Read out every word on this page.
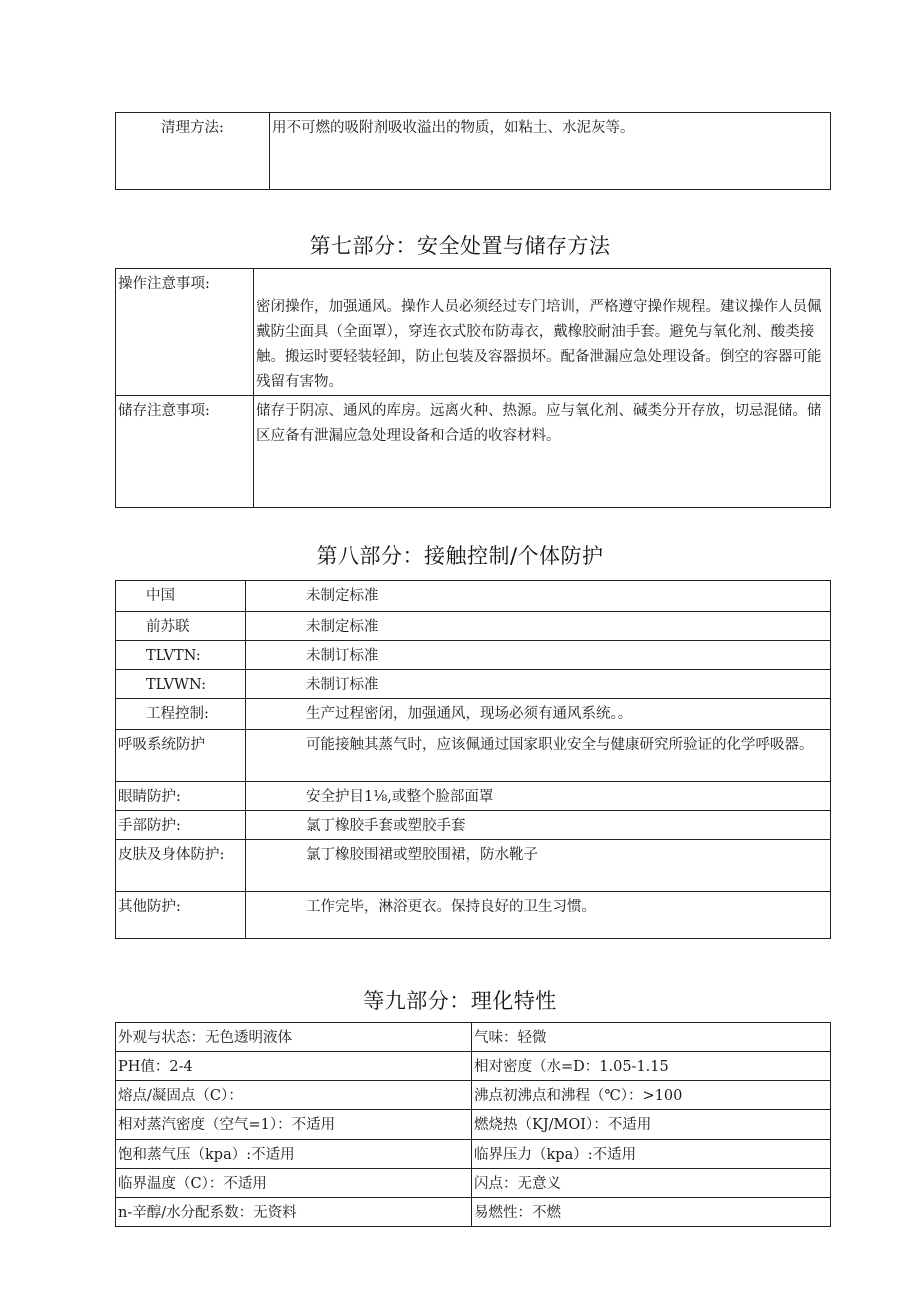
清理方法:	用不可燃的吸附剂吸收溢出的物质，如粘土、水泥灰等。
第七部分：安全处置与储存方法
操作注意事项:	密闭操作，加强通风。操作人员必须经过专门培训，严格遵守操作规程。建议操作人员佩戴防尘面具（全面罩），穿连衣式胶布防毒衣，戴橡胶耐油手套。避免与氧化剂、酸类接触。搬运时要轻装轻卸，防止包装及容器损坏。配备泄漏应急处理设备。倒空的容器可能残留有害物。
储存注意事项:	储存于阴凉、通风的库房。远离火种、热源。应与氧化剂、碱类分开存放，切忌混储。储区应备有泄漏应急处理设备和合适的收容材料。
第八部分：接触控制/个体防护
中国	未制定标准
前苏联	未制定标准
TLVTN:	未制订标准
TLVWN:	未制订标准
工程控制:	生产过程密闭，加强通风，现场必须有通风系统。。
呼吸系统防护	可能接触其蒸气时，应该佩通过国家职业安全与健康研究所验证的化学呼吸器。
眼睛防护:	安全护目1⅛,或整个脸部面罩
手部防护:	氯丁橡胶手套或塑胶手套
皮肤及身体防护:	氯丁橡胶围裙或塑胶围裙，防水靴子
其他防护:	工作完毕，淋浴更衣。保持良好的卫生习惯。
等九部分：理化特性
外观与状态：无色透明液体	气味：轻微
PH值：2-4	相对密度（水=D：1.05-1.15
熔点/凝固点（C）：	沸点初沸点和沸程（℃）：>100
相对蒸汽密度（空气=1）：不适用	燃烧热（KJ/MOI）：不适用
饱和蒸气压（kpa）:不适用	临界压力（kpa）:不适用
临界温度（C）：不适用	闪点：无意义
n-辛醇/水分配系数：无资料	易燃性：不燃
